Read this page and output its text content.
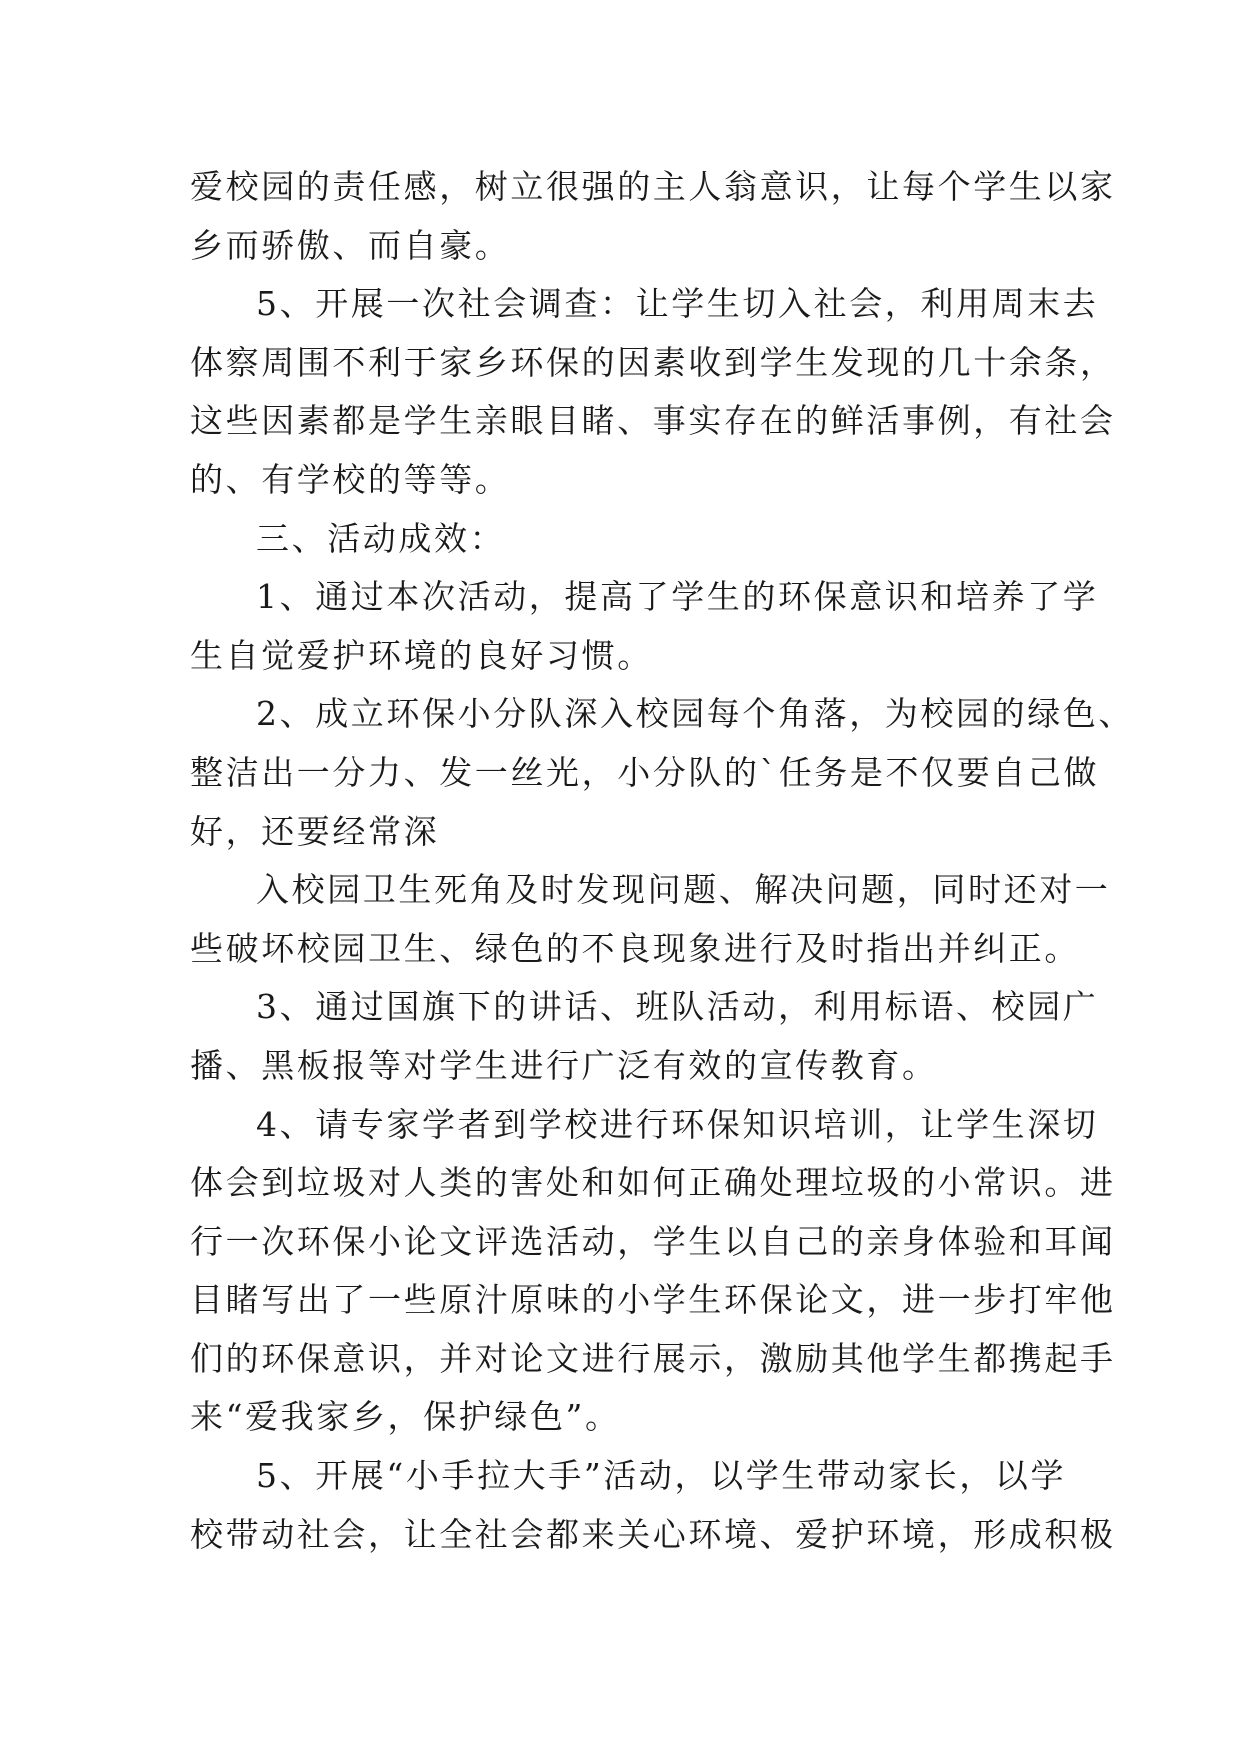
爱校园的责任感，树立很强的主人翁意识，让每个学生以家
乡而骄傲、而自豪。
5、开展一次社会调查：让学生切入社会，利用周末去
体察周围不利于家乡环保的因素收到学生发现的几十余条，
这些因素都是学生亲眼目睹、事实存在的鲜活事例，有社会
的、有学校的等等。
三、活动成效：
1、通过本次活动，提高了学生的环保意识和培养了学
生自觉爱护环境的良好习惯。
2、成立环保小分队深入校园每个角落，为校园的绿色、
整洁出一分力、发一丝光，小分队的`任务是不仅要自己做
好，还要经常深
入校园卫生死角及时发现问题、解决问题，同时还对一
些破坏校园卫生、绿色的不良现象进行及时指出并纠正。
3、通过国旗下的讲话、班队活动，利用标语、校园广
播、黑板报等对学生进行广泛有效的宣传教育。
4、请专家学者到学校进行环保知识培训，让学生深切
体会到垃圾对人类的害处和如何正确处理垃圾的小常识。进
行一次环保小论文评选活动，学生以自己的亲身体验和耳闻
目睹写出了一些原汁原味的小学生环保论文，进一步打牢他
们的环保意识，并对论文进行展示，激励其他学生都携起手
来“爱我家乡，保护绿色”。
5、开展“小手拉大手”活动，以学生带动家长，以学
校带动社会，让全社会都来关心环境、爱护环境，形成积极
